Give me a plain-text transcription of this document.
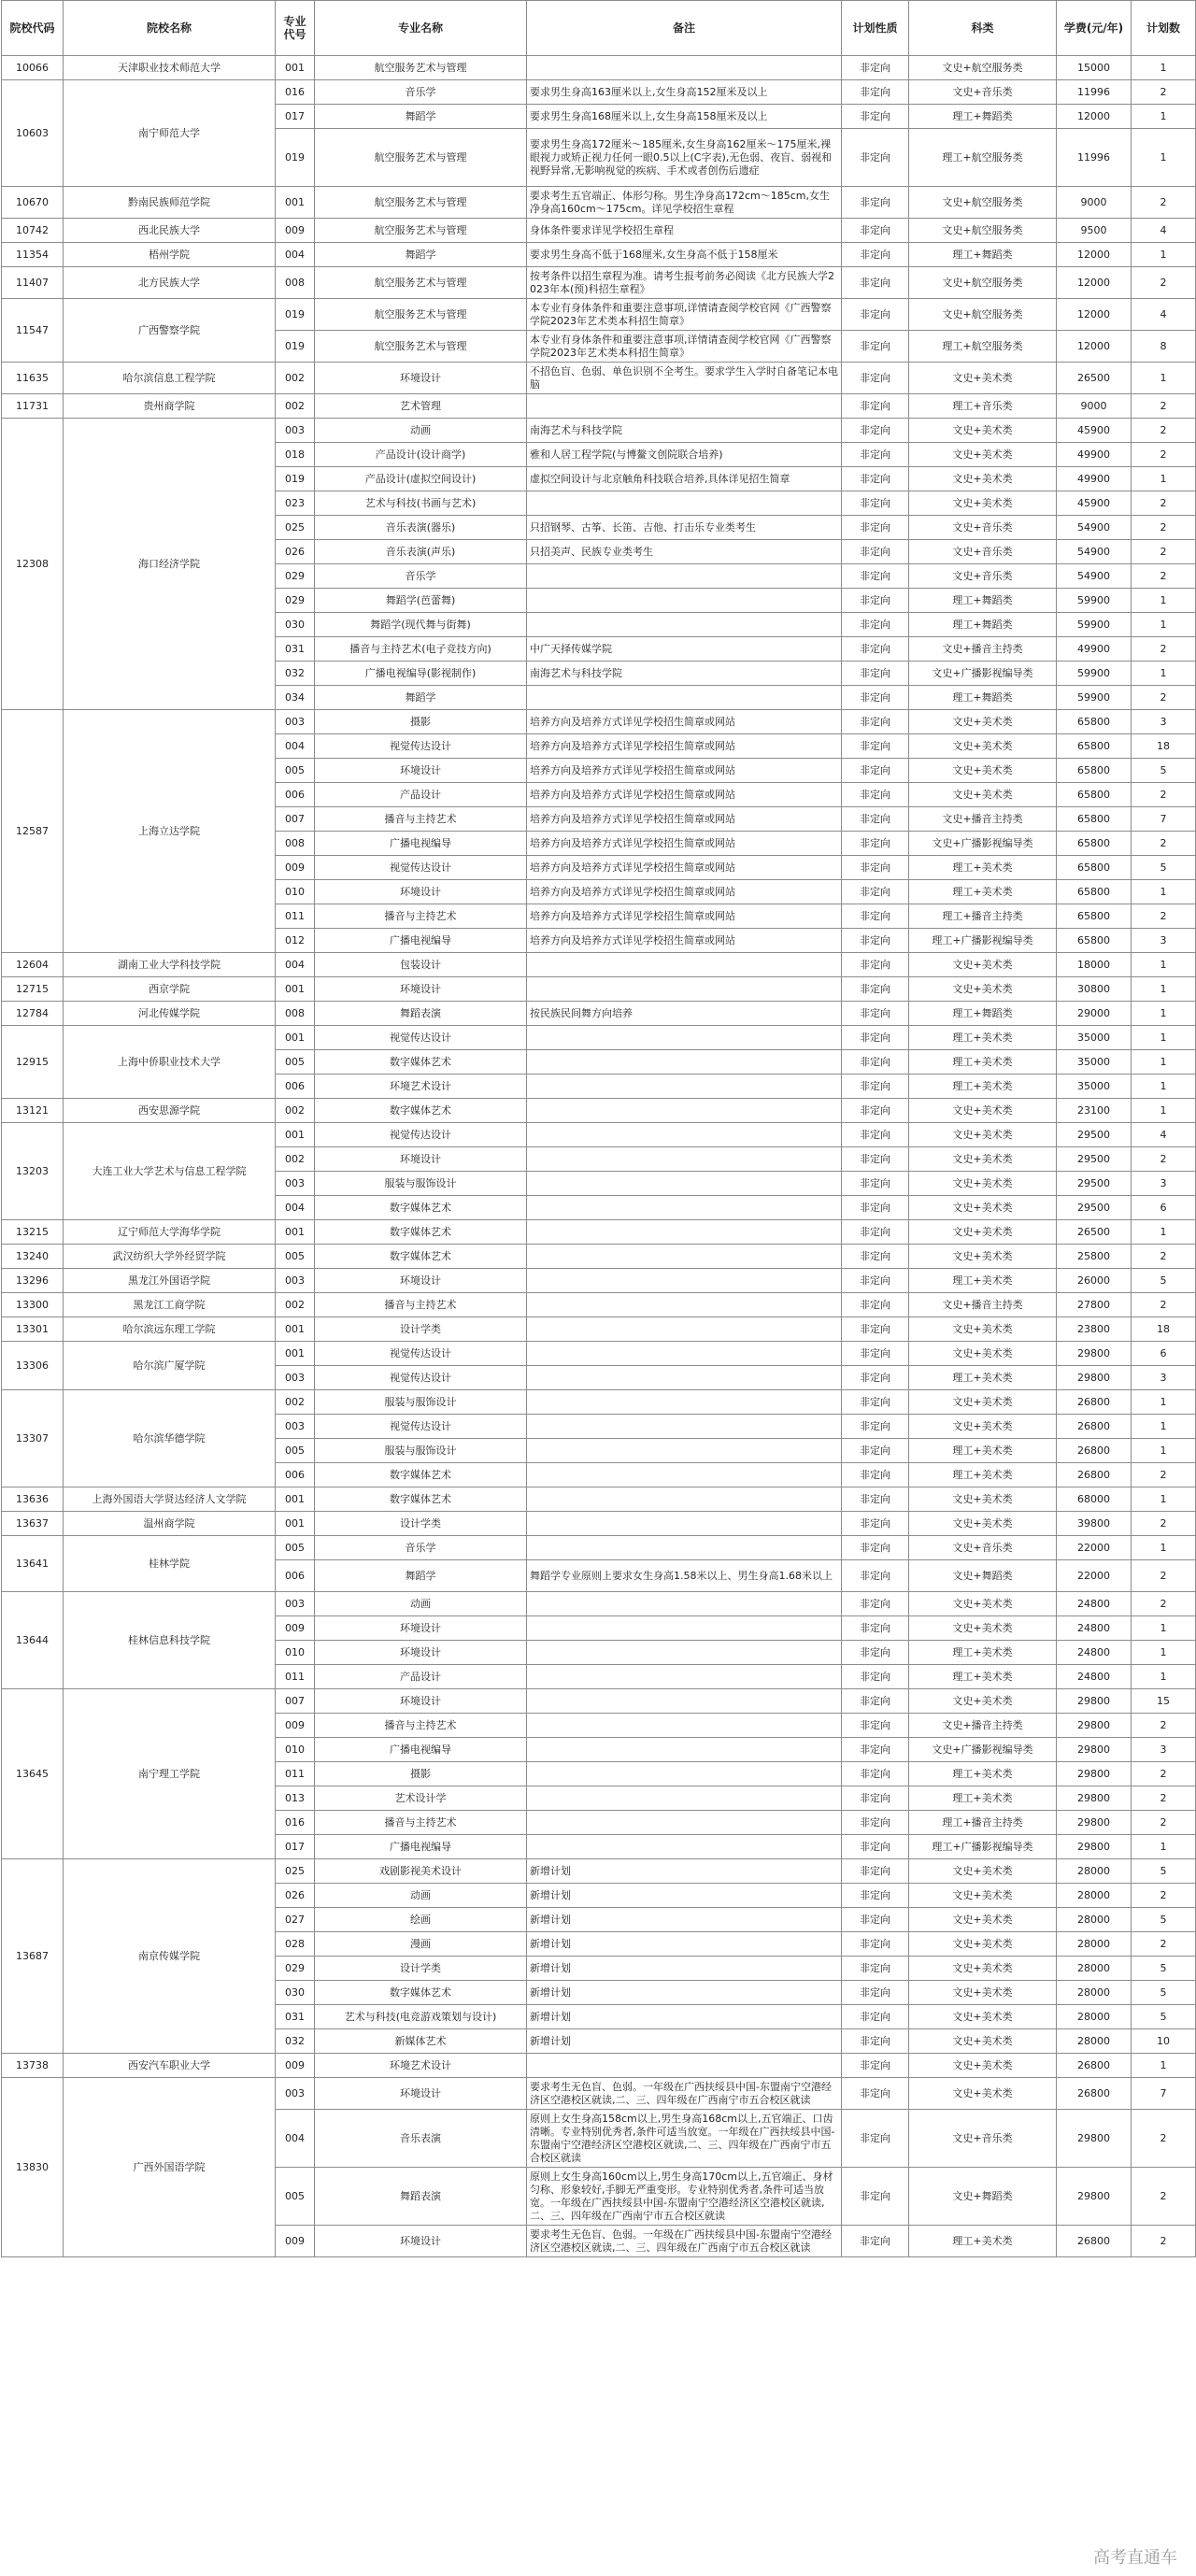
院校代码	院校名称	专业代号	专业名称	备注	计划性质	科类	学费(元/年)	计划数
10066	天津职业技术师范大学	001	航空服务艺术与管理		非定向	文史+航空服务类	15000	1
10603	南宁师范大学	016	音乐学	要求男生身高163厘米以上,女生身高152厘米及以上	非定向	文史+音乐类	11996	2
		017	舞蹈学	要求男生身高168厘米以上,女生身高158厘米及以上	非定向	理工+舞蹈类	12000	1
		019	航空服务艺术与管理	要求男生身高172厘米～185厘米,女生身高162厘米～175厘米,裸眼视力或矫正视力任何一眼0.5以上(C字表),无色弱、夜盲、弱视和视野异常,无影响视觉的疾病、手术或者创伤后遗症	非定向	理工+航空服务类	11996	1
10670	黔南民族师范学院	001	航空服务艺术与管理	要求考生五官端正、体形匀称。男生净身高172cm～185cm,女生净身高160cm～175cm。详见学校招生章程	非定向	文史+航空服务类	9000	2
10742	西北民族大学	009	航空服务艺术与管理	身体条件要求详见学校招生章程	非定向	文史+航空服务类	9500	4
11354	梧州学院	004	舞蹈学	要求男生身高不低于168厘米,女生身高不低于158厘米	非定向	理工+舞蹈类	12000	1
11407	北方民族大学	008	航空服务艺术与管理	按考条件以招生章程为准。请考生报考前务必阅读《北方民族大学2023年本(预)科招生章程》	非定向	文史+航空服务类	12000	2
11547	广西警察学院	019	航空服务艺术与管理	本专业有身体条件和重要注意事项,详情请查阅学校官网《广西警察学院2023年艺术类本科招生简章》	非定向	文史+航空服务类	12000	4
		019	航空服务艺术与管理	本专业有身体条件和重要注意事项,详情请查阅学校官网《广西警察学院2023年艺术类本科招生简章》	非定向	理工+航空服务类	12000	8
11635	哈尔滨信息工程学院	002	环境设计	不招色盲、色弱、单色识别不全考生。要求学生入学时自备笔记本电脑	非定向	文史+美术类	26500	1
11731	贵州商学院	002	艺术管理		非定向	理工+音乐类	9000	2
12308	海口经济学院	003	动画	南海艺术与科技学院	非定向	文史+美术类	45900	2
		018	产品设计(设计商学)	雅和人居工程学院(与博鳌文创院联合培养)	非定向	文史+美术类	49900	2
		019	产品设计(虚拟空间设计)	虚拟空间设计与北京触角科技联合培养,具体详见招生简章	非定向	文史+美术类	49900	1
		023	艺术与科技(书画与艺术)		非定向	文史+美术类	45900	2
		025	音乐表演(器乐)	只招钢琴、古筝、长笛、吉他、打击乐专业类考生	非定向	文史+音乐类	54900	2
		026	音乐表演(声乐)	只招美声、民族专业类考生	非定向	文史+音乐类	54900	2
		029	音乐学		非定向	文史+音乐类	54900	2
		029	舞蹈学(芭蕾舞)		非定向	理工+舞蹈类	59900	1
		030	舞蹈学(现代舞与街舞)		非定向	理工+舞蹈类	59900	1
		031	播音与主持艺术(电子竞技方向)	中广天择传媒学院	非定向	文史+播音主持类	49900	2
		032	广播电视编导(影视制作)	南海艺术与科技学院	非定向	文史+广播影视编导类	59900	1
		034	舞蹈学		非定向	理工+舞蹈类	59900	2
12587	上海立达学院	003	摄影	培养方向及培养方式详见学校招生简章或网站	非定向	文史+美术类	65800	3
		004	视觉传达设计	培养方向及培养方式详见学校招生简章或网站	非定向	文史+美术类	65800	18
		005	环境设计	培养方向及培养方式详见学校招生简章或网站	非定向	文史+美术类	65800	5
		006	产品设计	培养方向及培养方式详见学校招生简章或网站	非定向	文史+美术类	65800	2
		007	播音与主持艺术	培养方向及培养方式详见学校招生简章或网站	非定向	文史+播音主持类	65800	7
		008	广播电视编导	培养方向及培养方式详见学校招生简章或网站	非定向	文史+广播影视编导类	65800	2
		009	视觉传达设计	培养方向及培养方式详见学校招生简章或网站	非定向	理工+美术类	65800	5
		010	环境设计	培养方向及培养方式详见学校招生简章或网站	非定向	理工+美术类	65800	1
		011	播音与主持艺术	培养方向及培养方式详见学校招生简章或网站	非定向	理工+播音主持类	65800	2
		012	广播电视编导	培养方向及培养方式详见学校招生简章或网站	非定向	理工+广播影视编导类	65800	3
12604	湖南工业大学科技学院	004	包装设计		非定向	文史+美术类	18000	1
12715	西京学院	001	环境设计		非定向	文史+美术类	30800	1
12784	河北传媒学院	008	舞蹈表演	按民族民间舞方向培养	非定向	理工+舞蹈类	29000	1
12915	上海中侨职业技术大学	001	视觉传达设计		非定向	理工+美术类	35000	1
		005	数字媒体艺术		非定向	理工+美术类	35000	1
		006	环境艺术设计		非定向	理工+美术类	35000	1
13121	西安思源学院	002	数字媒体艺术		非定向	文史+美术类	23100	1
13203	大连工业大学艺术与信息工程学院	001	视觉传达设计		非定向	文史+美术类	29500	4
		002	环境设计		非定向	文史+美术类	29500	2
		003	服装与服饰设计		非定向	文史+美术类	29500	3
		004	数字媒体艺术		非定向	文史+美术类	29500	6
13215	辽宁师范大学海华学院	001	数字媒体艺术		非定向	文史+美术类	26500	1
13240	武汉纺织大学外经贸学院	005	数字媒体艺术		非定向	文史+美术类	25800	2
13296	黑龙江外国语学院	003	环境设计		非定向	理工+美术类	26000	5
13300	黑龙江工商学院	002	播音与主持艺术		非定向	文史+播音主持类	27800	2
13301	哈尔滨远东理工学院	001	设计学类		非定向	文史+美术类	23800	18
13306	哈尔滨广厦学院	001	视觉传达设计		非定向	文史+美术类	29800	6
		003	视觉传达设计		非定向	理工+美术类	29800	3
13307	哈尔滨华德学院	002	服装与服饰设计		非定向	文史+美术类	26800	1
		003	视觉传达设计		非定向	文史+美术类	26800	1
		005	服装与服饰设计		非定向	理工+美术类	26800	1
		006	数字媒体艺术		非定向	理工+美术类	26800	2
13636	上海外国语大学贤达经济人文学院	001	数字媒体艺术		非定向	文史+美术类	68000	1
13637	温州商学院	001	设计学类		非定向	文史+美术类	39800	2
13641	桂林学院	005	音乐学		非定向	文史+音乐类	22000	1
		006	舞蹈学	舞蹈学专业原则上要求女生身高1.58米以上、男生身高1.68米以上	非定向	文史+舞蹈类	22000	2
13644	桂林信息科技学院	003	动画		非定向	文史+美术类	24800	2
		009	环境设计		非定向	文史+美术类	24800	1
		010	环境设计		非定向	理工+美术类	24800	1
		011	产品设计		非定向	理工+美术类	24800	1
13645	南宁理工学院	007	环境设计		非定向	文史+美术类	29800	15
		009	播音与主持艺术		非定向	文史+播音主持类	29800	2
		010	广播电视编导		非定向	文史+广播影视编导类	29800	3
		011	摄影		非定向	理工+美术类	29800	2
		013	艺术设计学		非定向	理工+美术类	29800	2
		016	播音与主持艺术		非定向	理工+播音主持类	29800	2
		017	广播电视编导		非定向	理工+广播影视编导类	29800	1
13687	南京传媒学院	025	戏剧影视美术设计	新增计划	非定向	文史+美术类	28000	5
		026	动画	新增计划	非定向	文史+美术类	28000	2
		027	绘画	新增计划	非定向	文史+美术类	28000	5
		028	漫画	新增计划	非定向	文史+美术类	28000	2
		029	设计学类	新增计划	非定向	文史+美术类	28000	5
		030	数字媒体艺术	新增计划	非定向	文史+美术类	28000	5
		031	艺术与科技(电竞游戏策划与设计)	新增计划	非定向	文史+美术类	28000	5
		032	新媒体艺术	新增计划	非定向	文史+美术类	28000	10
13738	西安汽车职业大学	009	环境艺术设计		非定向	文史+美术类	26800	1
13830	广西外国语学院	003	环境设计	要求考生无色盲、色弱。一年级在广西扶绥县中国-东盟南宁空港经济区空港校区就读,二、三、四年级在广西南宁市五合校区就读	非定向	文史+美术类	26800	7
		004	音乐表演	原则上女生身高158cm以上,男生身高168cm以上,五官端正、口齿清晰。专业特别优秀者,条件可适当放宽。一年级在广西扶绥县中国-东盟南宁空港经济区空港校区就读,二、三、四年级在广西南宁市五合校区就读	非定向	文史+音乐类	29800	2
		005	舞蹈表演	原则上女生身高160cm以上,男生身高170cm以上,五官端正、身材匀称、形象较好,手脚无严重变形。专业特别优秀者,条件可适当放宽。一年级在广西扶绥县中国-东盟南宁空港经济区空港校区就读,二、三、四年级在广西南宁市五合校区就读	非定向	文史+舞蹈类	29800	2
		009	环境设计	要求考生无色盲、色弱。一年级在广西扶绥县中国-东盟南宁空港经济区空港校区就读,二、三、四年级在广西南宁市五合校区就读	非定向	理工+美术类	26800	2
高考直通车
